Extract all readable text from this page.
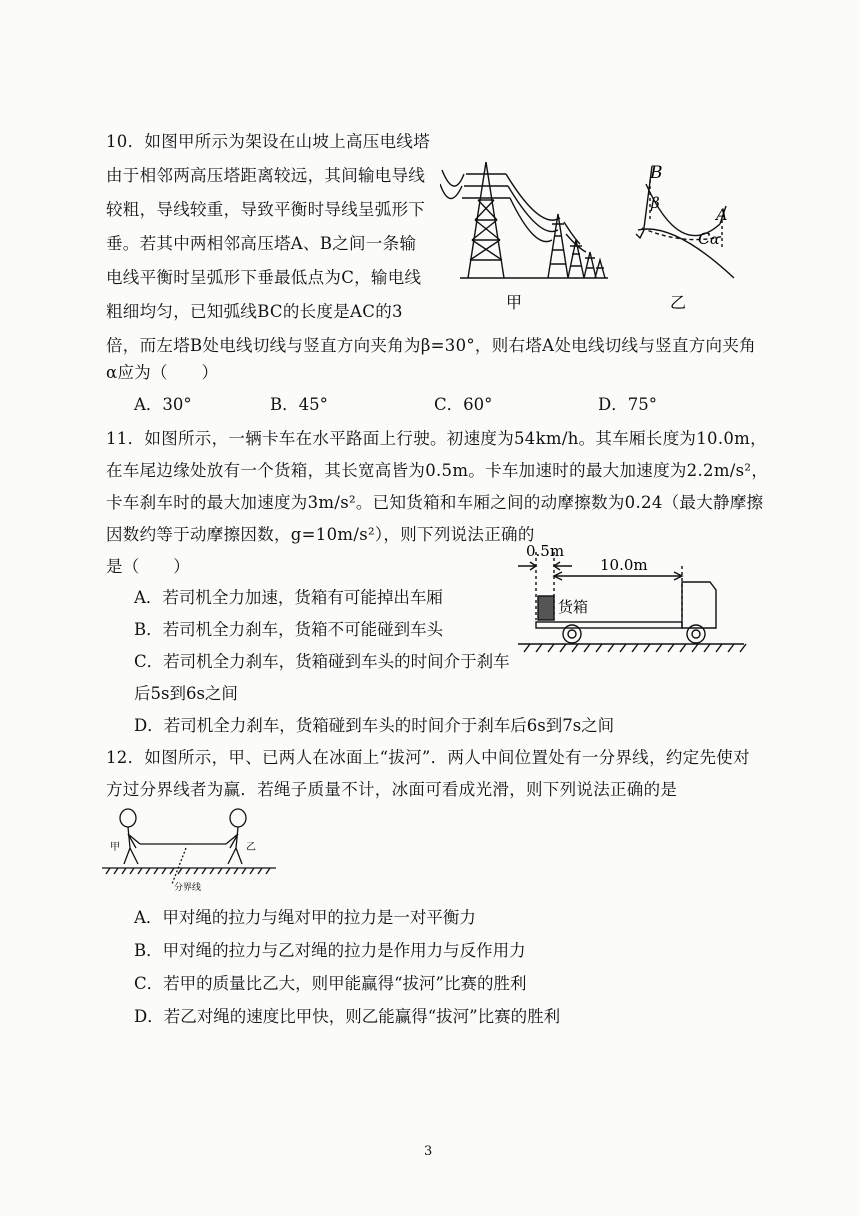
10．如图甲所示为架设在山坡上高压电线塔
由于相邻两高压塔距离较远，其间输电导线
较粗，导线较重，导致平衡时导线呈弧形下
垂。若其中两相邻高压塔A、B之间一条输
电线平衡时呈弧形下垂最低点为C，输电线
粗细均匀，已知弧线BC的长度是AC的3
倍，而左塔B处电线切线与竖直方向夹角为β=30°，则右塔A处电线切线与竖直方向夹角
α应为（　　）
A．30°	B．45°	C．60°	D．75°
甲
B
β
A
C α
乙
11．如图所示，一辆卡车在水平路面上行驶。初速度为54km/h。其车厢长度为10.0m，
在车尾边缘处放有一个货箱，其长宽高皆为0.5m。卡车加速时的最大加速度为2.2m/s²，
卡车刹车时的最大加速度为3m/s²。已知货箱和车厢之间的动摩擦数为0.24（最大静摩擦
因数约等于动摩擦因数，g=10m/s²），则下列说法正确的
是（　　）
A．若司机全力加速，货箱有可能掉出车厢
B．若司机全力刹车，货箱不可能碰到车头
C．若司机全力刹车，货箱碰到车头的时间介于刹车
后5s到6s之间
D．若司机全力刹车，货箱碰到车头的时间介于刹车后6s到7s之间
0.5m
10.0m
货箱
12．如图所示，甲、已两人在冰面上“拔河”．两人中间位置处有一分界线，约定先使对
方过分界线者为赢．若绳子质量不计，冰面可看成光滑，则下列说法正确的是
甲	乙
分界线
A．甲对绳的拉力与绳对甲的拉力是一对平衡力
B．甲对绳的拉力与乙对绳的拉力是作用力与反作用力
C．若甲的质量比乙大，则甲能赢得“拔河”比赛的胜利
D．若乙对绳的速度比甲快，则乙能赢得“拔河”比赛的胜利
3
